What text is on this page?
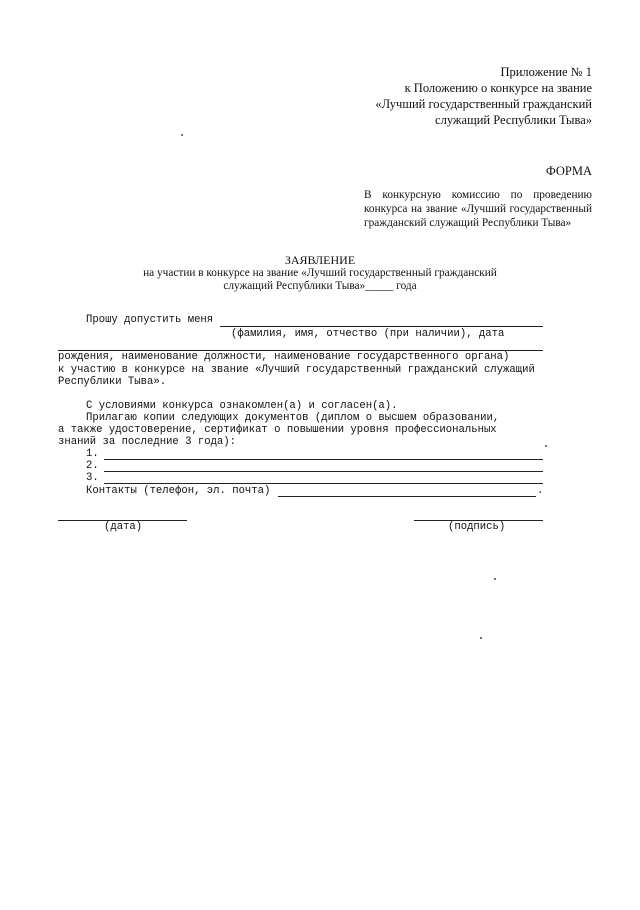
Приложение № 1
к Положению о конкурсе на звание
«Лучший государственный гражданский
служащий Республики Тыва»
ФОРМА
В конкурсную комиссию по проведению
конкурса на звание «Лучший государственный
гражданский служащий Республики Тыва»
ЗАЯВЛЕНИЕ
на участии в конкурсе на звание «Лучший государственный гражданский
служащий Республики Тыва»_____ года
Прошу допустить меня
(фамилия, имя, отчество (при наличии), дата
рождения, наименование должности, наименование государственного органа)
к участию в конкурсе на звание «Лучший государственный гражданский служащий
Республики Тыва».
С условиями конкурса ознакомлен(а) и согласен(а).
Прилагаю копии следующих документов (диплом о высшем образовании,
а также удостоверение, сертификат о повышении уровня профессиональных
знаний за последние 3 года):
1.
2.
3.
Контакты (телефон, эл. почта)	.
(дата)	(подпись)
